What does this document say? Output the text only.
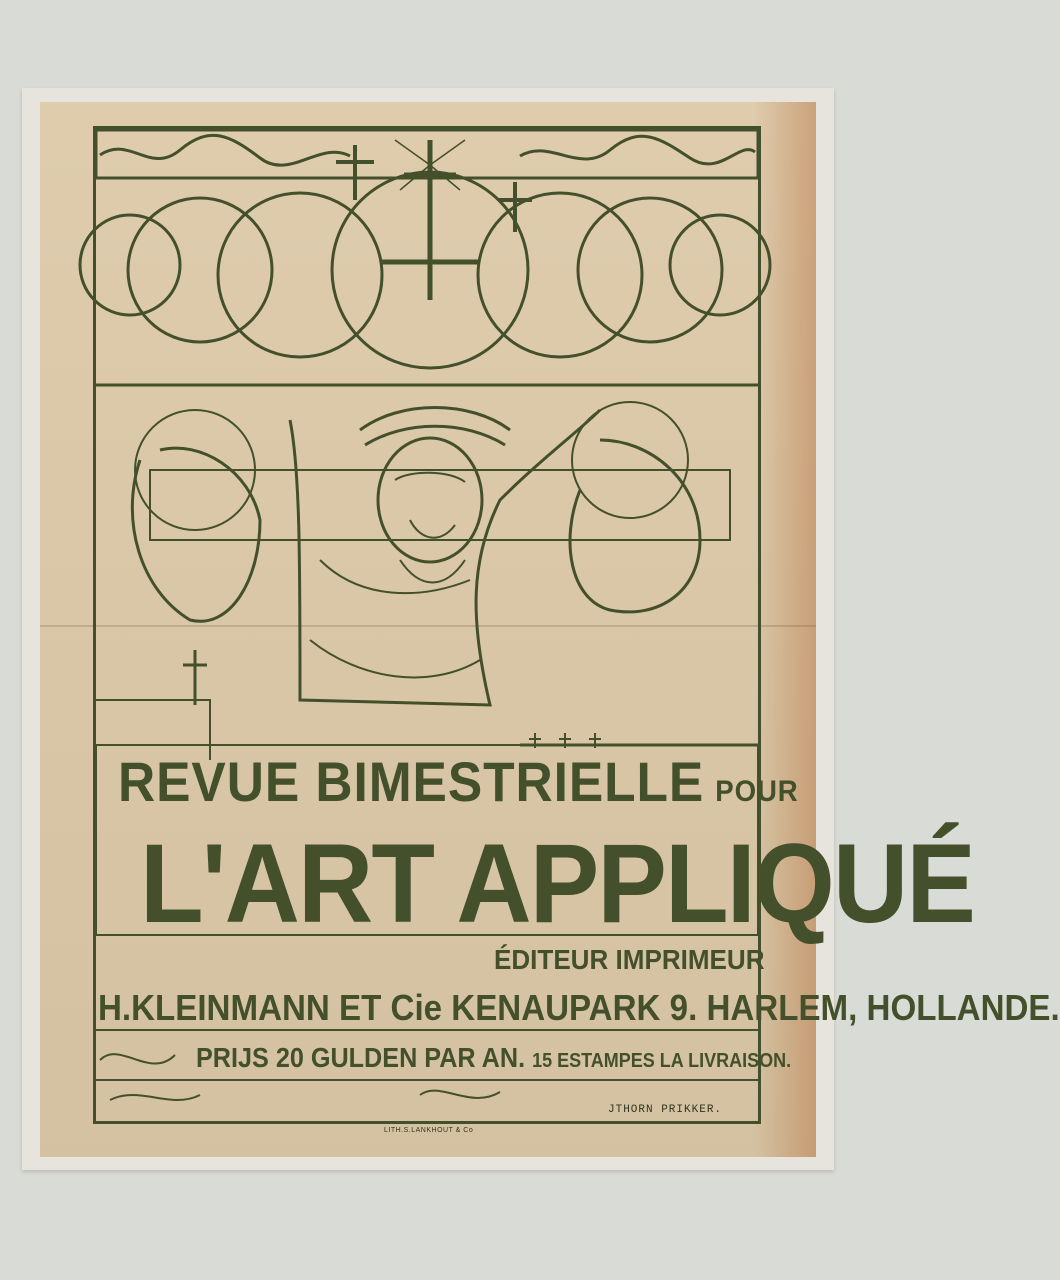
REVUE BIMESTRIELLE POUR
L'ART APPLIQUÉ
ÉDITEUR IMPRIMEUR
H.KLEINMANN ET Cie KENAUPARK 9. HARLEM, HOLLANDE.
PRIJS 20 GULDEN PAR AN. 15 ESTAMPES LA LIVRAISON.
JTHORN PRIKKER.
LITH.S.LANKHOUT & Co
